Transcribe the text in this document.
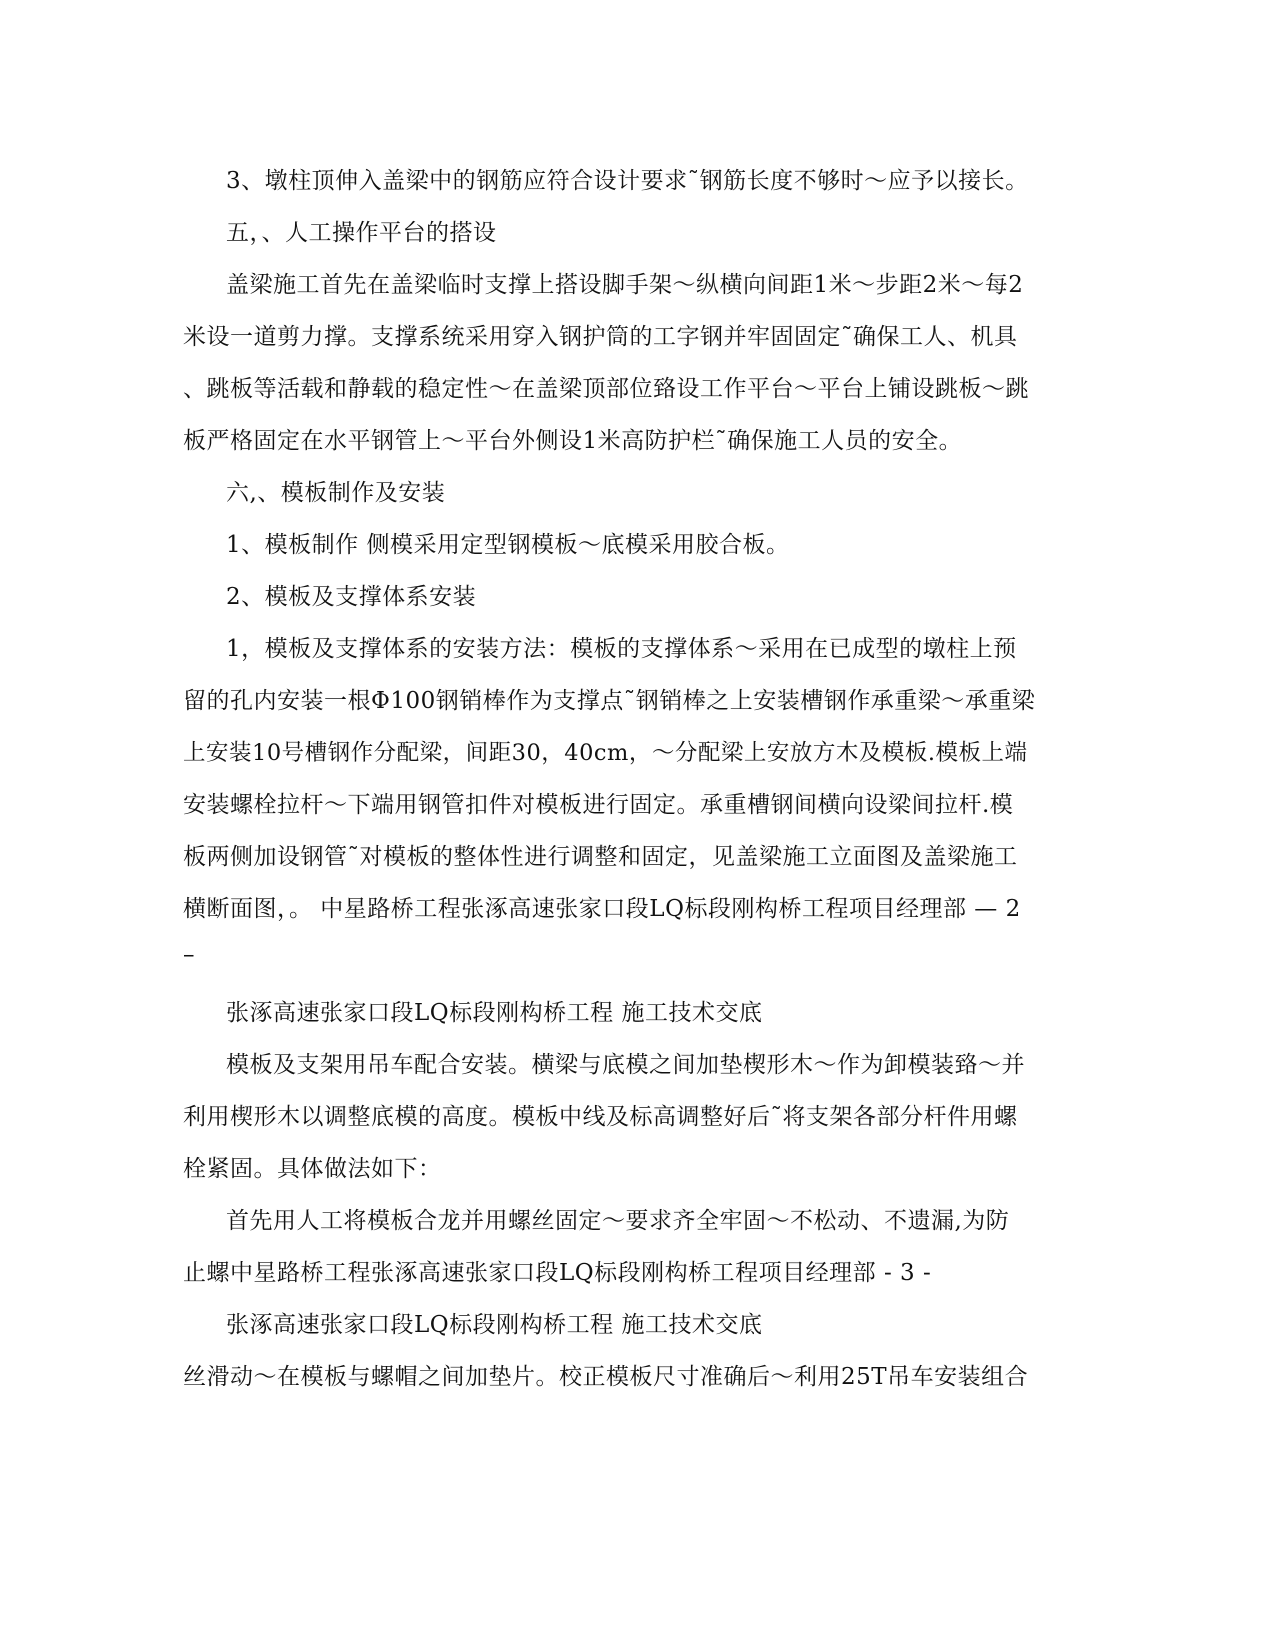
3、墩柱顶伸入盖梁中的钢筋应符合设计要求˜钢筋长度不够时～应予以接长。
五，、人工操作平台的搭设
盖梁施工首先在盖梁临时支撑上搭设脚手架～纵横向间距1米～步距2米～每2
米设一道剪力撑。支撑系统采用穿入钢护筒的工字钢并牢固固定˜确保工人、机具
、跳板等活载和静载的稳定性～在盖梁顶部位臵设工作平台～平台上铺设跳板～跳
板严格固定在水平钢管上～平台外侧设1米高防护栏˜确保施工人员的安全。
六,、模板制作及安装
1、模板制作 侧模采用定型钢模板～底模采用胶合板。
2、模板及支撑体系安装
1，模板及支撑体系的安装方法：模板的支撑体系～采用在已成型的墩柱上预
留的孔内安装一根Φ100钢销棒作为支撑点˜钢销棒之上安装槽钢作承重梁～承重梁
上安装10号槽钢作分配梁，间距30，40cm，～分配梁上安放方木及模板.模板上端
安装螺栓拉杆～下端用钢管扣件对模板进行固定。承重槽钢间横向设梁间拉杆.模
板两侧加设钢管˜对模板的整体性进行调整和固定，见盖梁施工立面图及盖梁施工
横断面图，。 中星路桥工程张涿高速张家口段LQ标段刚构桥工程项目经理部 — 2
–
张涿高速张家口段LQ标段刚构桥工程 施工技术交底
模板及支架用吊车配合安装。横梁与底模之间加垫楔形木～作为卸模装臵～并
利用楔形木以调整底模的高度。模板中线及标高调整好后˜将支架各部分杆件用螺
栓紧固。具体做法如下：
首先用人工将模板合龙并用螺丝固定～要求齐全牢固～不松动、不遗漏,为防
止螺中星路桥工程张涿高速张家口段LQ标段刚构桥工程项目经理部 - 3 -
张涿高速张家口段LQ标段刚构桥工程 施工技术交底
丝滑动～在模板与螺帽之间加垫片。校正模板尺寸准确后～利用25T吊车安装组合
